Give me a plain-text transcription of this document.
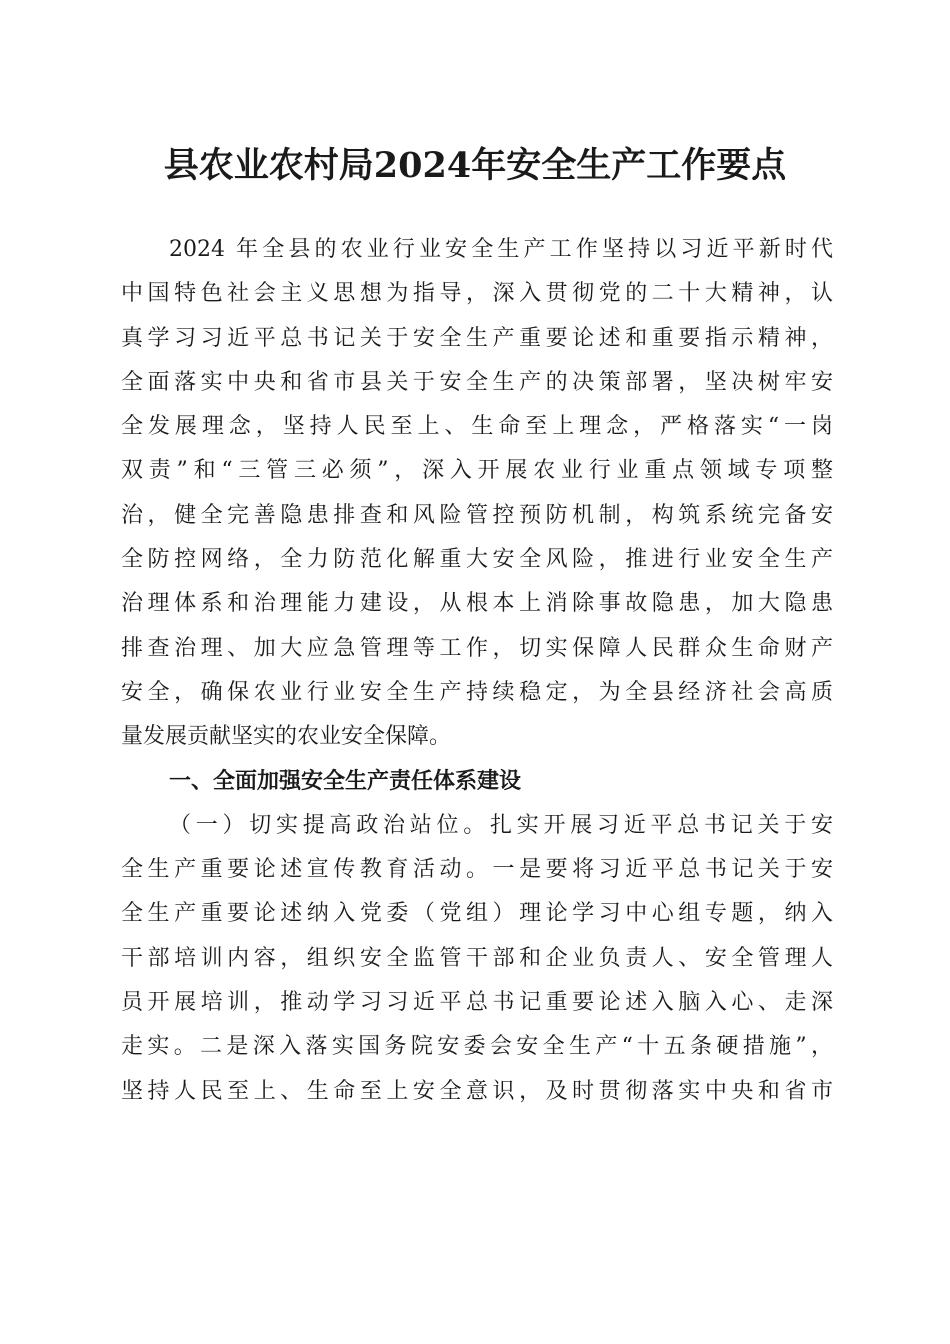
县农业农村局2024年安全生产工作要点
2024 年全县的农业行业安全生产工作坚持以习近平新时代
中国特色社会主义思想为指导，深入贯彻党的二十大精神，认
真学习习近平总书记关于安全生产重要论述和重要指示精神，
全面落实中央和省市县关于安全生产的决策部署，坚决树牢安
全发展理念，坚持人民至上、生命至上理念，严格落实“一岗
双责”和“三管三必须”，深入开展农业行业重点领域专项整
治，健全完善隐患排查和风险管控预防机制，构筑系统完备安
全防控网络，全力防范化解重大安全风险，推进行业安全生产
治理体系和治理能力建设，从根本上消除事故隐患，加大隐患
排查治理、加大应急管理等工作，切实保障人民群众生命财产
安全，确保农业行业安全生产持续稳定，为全县经济社会高质
量发展贡献坚实的农业安全保障。
一、全面加强安全生产责任体系建设
（一）切实提高政治站位。扎实开展习近平总书记关于安
全生产重要论述宣传教育活动。一是要将习近平总书记关于安
全生产重要论述纳入党委（党组）理论学习中心组专题，纳入
干部培训内容，组织安全监管干部和企业负责人、安全管理人
员开展培训，推动学习习近平总书记重要论述入脑入心、走深
走实。二是深入落实国务院安委会安全生产“十五条硬措施”，
坚持人民至上、生命至上安全意识，及时贯彻落实中央和省市
